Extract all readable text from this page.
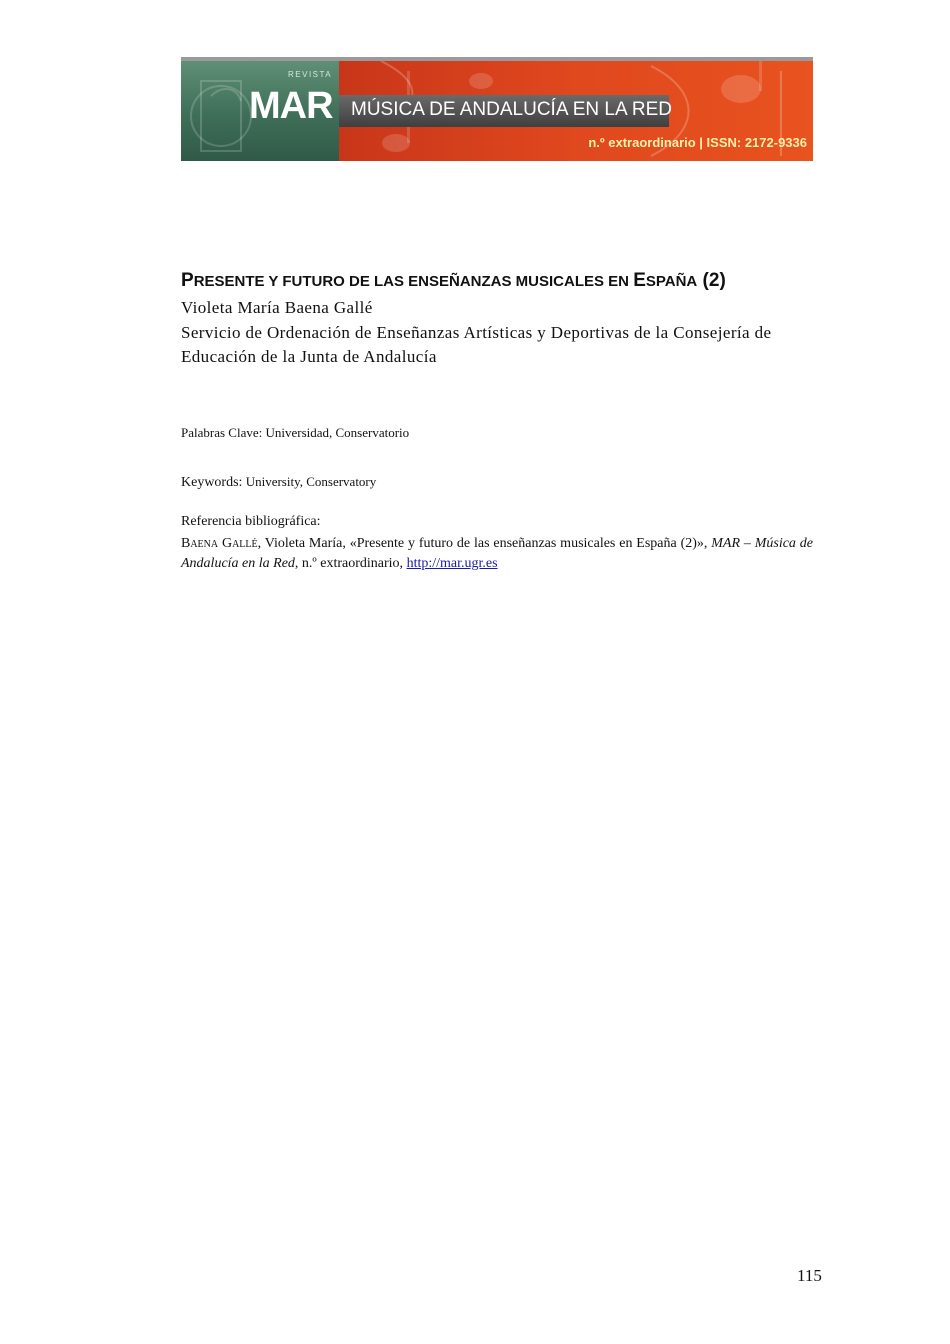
REVISTA
MAR MÚSICA DE ANDALUCÍA EN LA RED
n.º extraordinario | ISSN: 2172-9336
PRESENTE Y FUTURO DE LAS ENSEÑANZAS MUSICALES EN ESPAÑA (2)
Violeta María Baena Gallé
Servicio de Ordenación de Enseñanzas Artísticas y Deportivas de la Consejería de Educación de la Junta de Andalucía
Palabras Clave: Universidad, Conservatorio
Keywords: University, Conservatory
Referencia bibliográfica:
Baena Gallé, Violeta María, «Presente y futuro de las enseñanzas musicales en España (2)», MAR – Música de Andalucía en la Red, n.º extraordinario, http://mar.ugr.es
115
